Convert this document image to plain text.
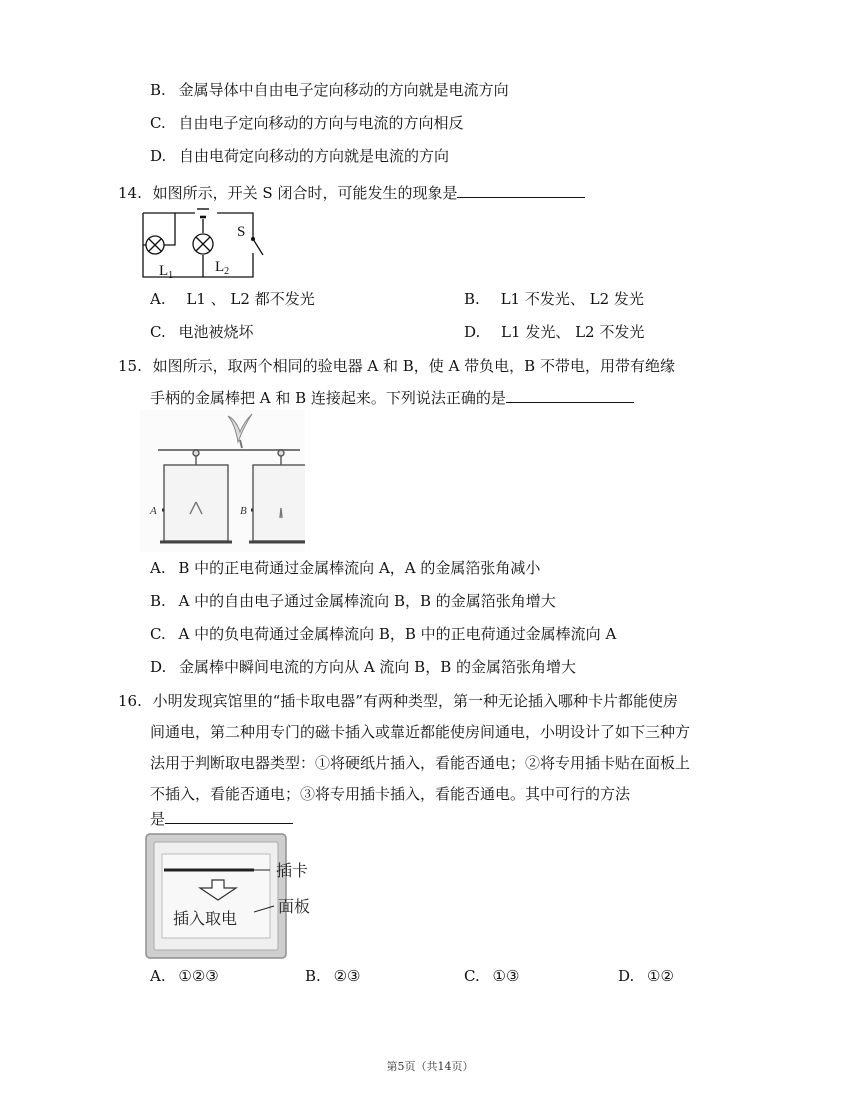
B. 金属导体中自由电子定向移动的方向就是电流方向
C. 自由电子定向移动的方向与电流的方向相反
D. 自由电荷定向移动的方向就是电流的方向
14. 如图所示，开关 S 闭合时，可能发生的现象是
S
$L_1$
$L_2$
A. L1 、 L2 都不发光	B. L1 不发光、 L2 发光
C. 电池被烧坏	D. L1 发光、 L2 不发光
15. 如图所示，取两个相同的验电器 A 和 B，使 A 带负电，B 不带电，用带有绝缘
手柄的金属棒把 A 和 B 连接起来。下列说法正确的是
A	B
A. B 中的正电荷通过金属棒流向 A，A 的金属箔张角减小
B. A 中的自由电子通过金属棒流向 B，B 的金属箔张角增大
C. A 中的负电荷通过金属棒流向 B，B 中的正电荷通过金属棒流向 A
D. 金属棒中瞬间电流的方向从 A 流向 B，B 的金属箔张角增大
16. 小明发现宾馆里的“插卡取电器”有两种类型，第一种无论插入哪种卡片都能使房
间通电，第二种用专门的磁卡插入或靠近都能使房间通电，小明设计了如下三种方
法用于判断取电器类型：①将硬纸片插入，看能否通电；②将专用插卡贴在面板上
不插入，看能否通电；③将专用插卡插入，看能否通电。其中可行的方法
是
插入取电
插卡
面板
A. ①②③	B. ②③	C. ①③	D. ①②
第5页（共14页）
